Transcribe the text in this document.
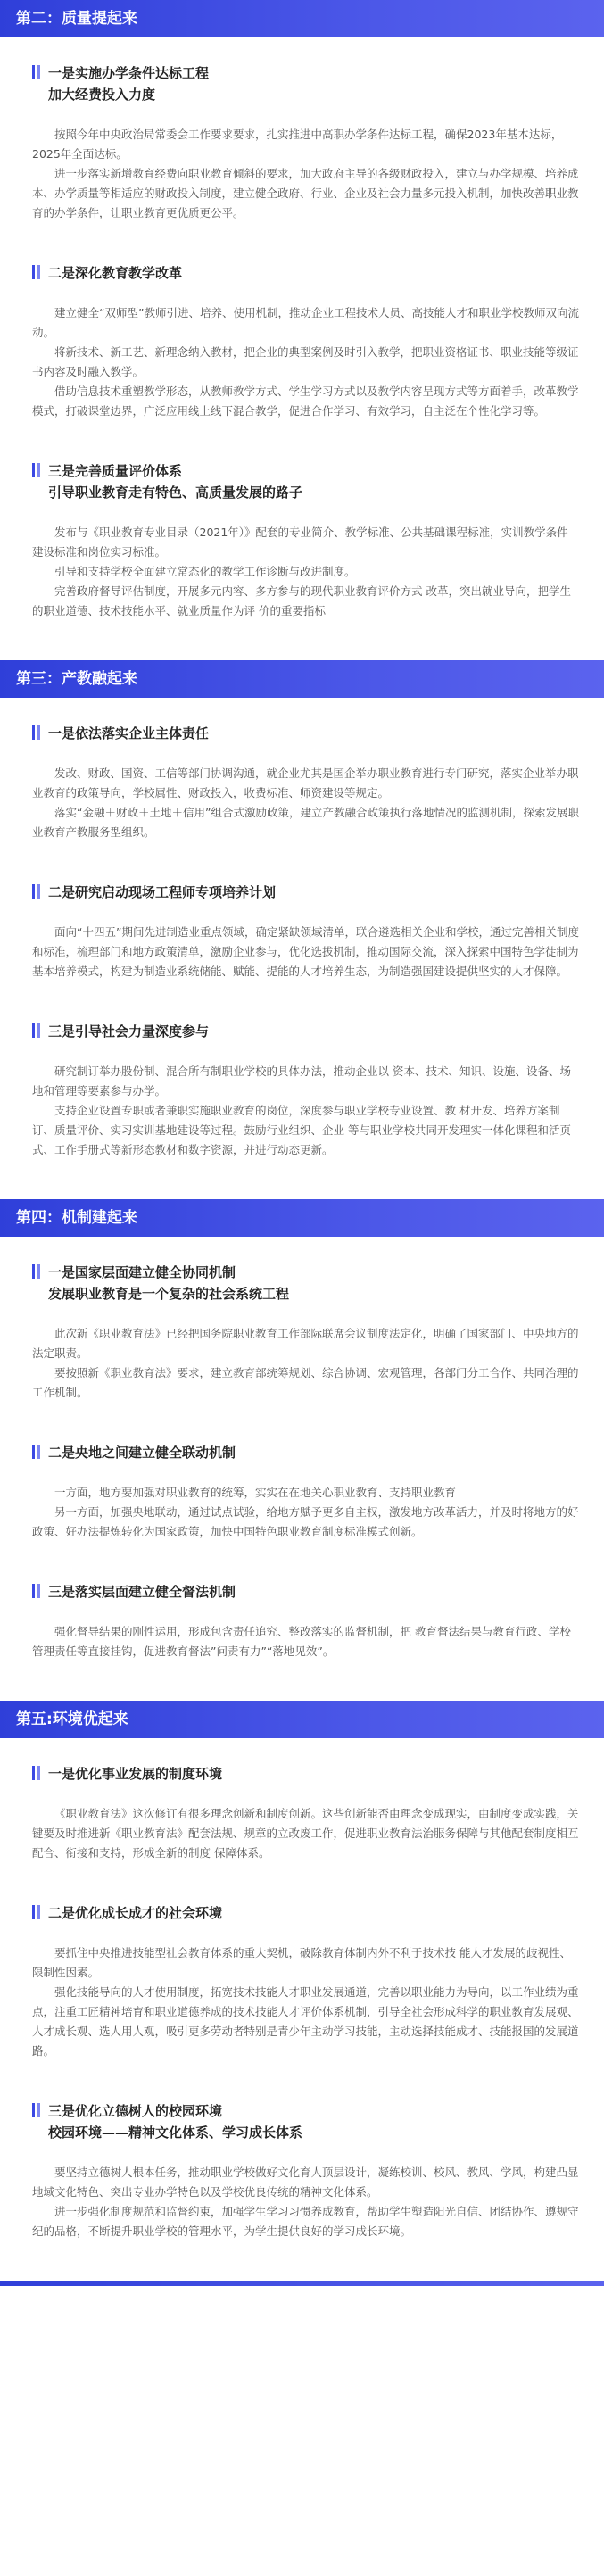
第二：质量提起来
一是实施办学条件达标工程
加大经费投入力度

按照今年中央政治局常委会工作要求要求，扎实推进中高职办学条件达标工程，确保2023年基本达标，2025年全面达标。

进一步落实新增教育经费向职业教育倾斜的要求，加大政府主导的各级财政投入，建立与办学规模、培养成本、办学质量等相适应的财政投入制度，建立健全政府、行业、企业及社会力量多元投入机制，加快改善职业教育的办学条件，让职业教育更优质更公平。

二是深化教育教学改革

建立健全“双师型”教师引进、培养、使用机制，推动企业工程技术人员、高技能人才和职业学校教师双向流动。

将新技术、新工艺、新理念纳入教材，把企业的典型案例及时引入教学，把职业资格证书、职业技能等级证书内容及时融入教学。

借助信息技术重塑教学形态，从教师教学方式、学生学习方式以及教学内容呈现方式等方面着手，改革教学模式，打破课堂边界，广泛应用线上线下混合教学，促进合作学习、有效学习，自主泛在个性化学习等。

三是完善质量评价体系
引导职业教育走有特色、高质量发展的路子

发布与《职业教育专业目录（2021年）》配套的专业简介、教学标准、公共基础课程标准，实训教学条件建设标准和岗位实习标准。

引导和支持学校全面建立常态化的教学工作诊断与改进制度。

完善政府督导评估制度，开展多元内容、多方参与的现代职业教育评价方式 改革，突出就业导向，把学生的职业道德、技术技能水平、就业质量作为评 价的重要指标

第三：产教融起来
一是依法落实企业主体责任

发改、财政、国资、工信等部门协调沟通，就企业尤其是国企举办职业教育进行专门研究，落实企业举办职业教育的政策导向，学校属性、财政投入，收费标准、师资建设等规定。

落实“金融＋财政＋土地＋信用”组合式激励政策，建立产教融合政策执行落地情况的监测机制，探索发展职业教育产教服务型组织。

二是研究启动现场工程师专项培养计划

面向“十四五”期间先进制造业重点领域，确定紧缺领域清单，联合遴选相关企业和学校，通过完善相关制度和标准，梳理部门和地方政策清单，激励企业参与，优化选拔机制，推动国际交流，深入探索中国特色学徒制为基本培养模式，构建为制造业系统储能、赋能、提能的人才培养生态，为制造强国建设提供坚实的人才保障。

三是引导社会力量深度参与

研究制订举办股份制、混合所有制职业学校的具体办法，推动企业以 资本、技术、知识、设施、设备、场地和管理等要素参与办学。

支持企业设置专职或者兼职实施职业教育的岗位，深度参与职业学校专业设置、教 材开发、培养方案制订、质量评价、实习实训基地建设等过程。鼓励行业组织、企业 等与职业学校共同开发理实一体化课程和活页式、工作手册式等新形态教材和数字资源，并进行动态更新。

第四：机制建起来
一是国家层面建立健全协同机制
发展职业教育是一个复杂的社会系统工程

此次新《职业教育法》已经把国务院职业教育工作部际联席会议制度法定化，明确了国家部门、中央地方的法定职责。

要按照新《职业教育法》要求，建立教育部统筹规划、综合协调、宏观管理，各部门分工合作、共同治理的工作机制。

二是央地之间建立健全联动机制

一方面，地方要加强对职业教育的统筹，实实在在地关心职业教育、支持职业教育

另一方面，加强央地联动，通过试点试验，给地方赋予更多自主权，激发地方改革活力，并及时将地方的好政策、好办法提炼转化为国家政策，加快中国特色职业教育制度标准模式创新。

三是落实层面建立健全督法机制

强化督导结果的刚性运用，形成包含责任追究、整改落实的监督机制，把 教育督法结果与教育行政、学校管理责任等直接挂钩，促进教育督法”问责有力”“落地见效”。

第五:环境优起来
一是优化事业发展的制度环境

《职业教育法》这次修订有很多理念创新和制度创新。这些创新能否由理念变成现实，由制度变成实践，关键要及时推进新《职业教育法》配套法规、规章的立改废工作，促进职业教育法治服务保障与其他配套制度相互配合、衔接和支持，形成全新的制度 保障体系。

二是优化成长成才的社会环境

要抓住中央推进技能型社会教育体系的重大契机，破除教育体制内外不利于技术技 能人才发展的歧视性、限制性因素。

强化技能导向的人才使用制度，拓宽技术技能人才职业发展通道，完善以职业能力为导向，以工作业绩为重点，注重工匠精神培育和职业道德养成的技术技能人才评价体系机制，引导全社会形成科学的职业教育发展观、人才成长观、选人用人观，吸引更多劳动者特别是青少年主动学习技能，主动选择技能成才、技能报国的发展道路。

三是优化立德树人的校园环境
校园环境——精神文化体系、学习成长体系

要坚持立德树人根本任务，推动职业学校做好文化育人顶层设计，凝练校训、校风、教风、学风，构建凸显地域文化特色、突出专业办学特色以及学校优良传统的精神文化体系。

进一步强化制度规范和监督约束，加强学生学习习惯养成教育，帮助学生塑造阳光自信、团结协作、遵规守纪的品格，不断提升职业学校的管理水平，为学生提供良好的学习成长环境。
